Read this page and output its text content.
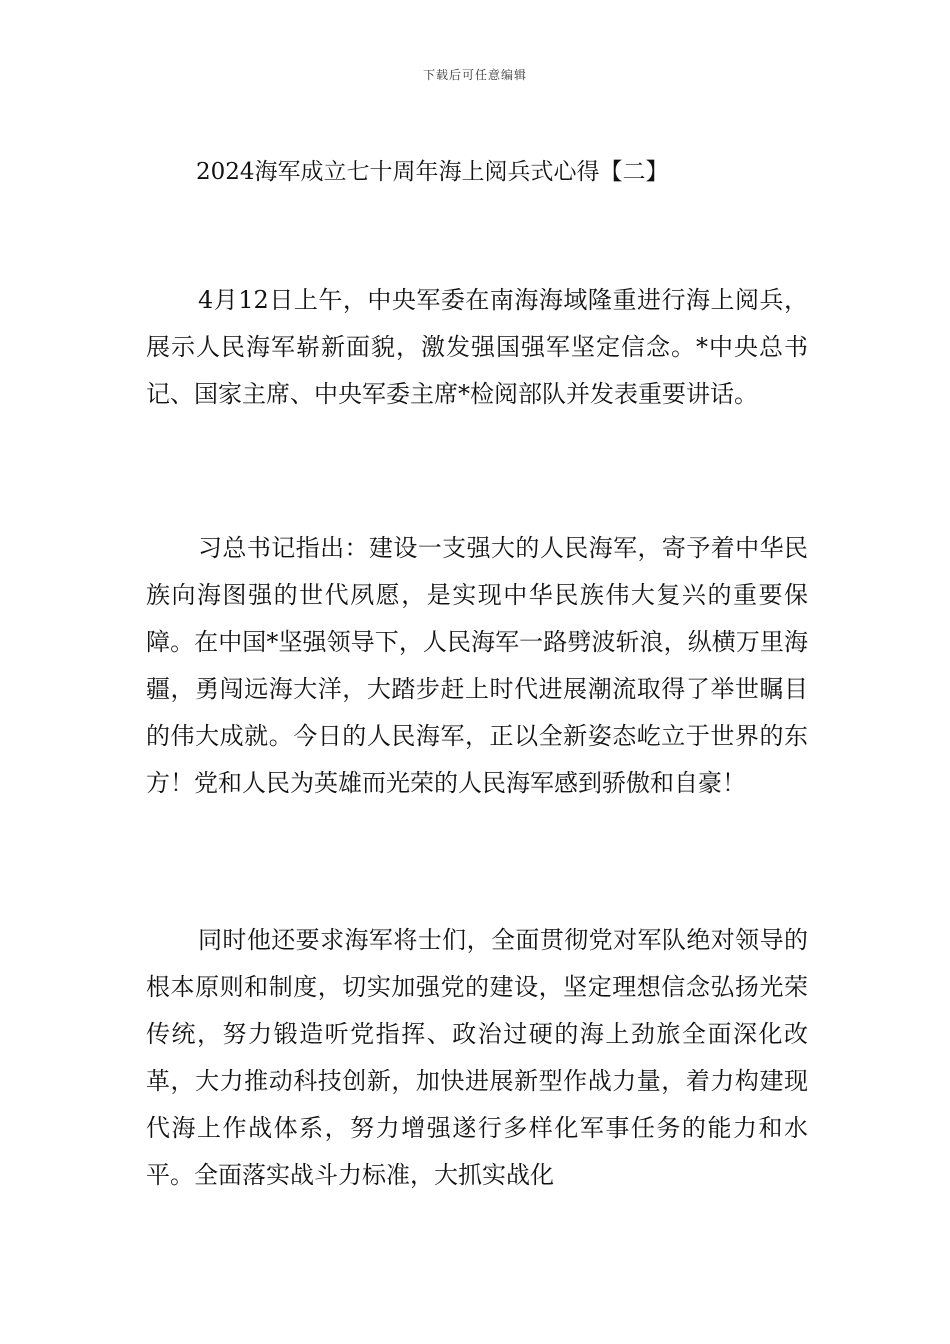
下载后可任意编辑
2024海军成立七十周年海上阅兵式心得【二】

4月12日上午，中央军委在南海海域隆重进行海上阅兵，展示人民海军崭新面貌，激发强国强军坚定信念。*中央总书记、国家主席、中央军委主席*检阅部队并发表重要讲话。

习总书记指出：建设一支强大的人民海军，寄予着中华民族向海图强的世代夙愿，是实现中华民族伟大复兴的重要保障。在中国*坚强领导下，人民海军一路劈波斩浪，纵横万里海疆，勇闯远海大洋，大踏步赶上时代进展潮流取得了举世瞩目的伟大成就。今日的人民海军，正以全新姿态屹立于世界的东方！党和人民为英雄而光荣的人民海军感到骄傲和自豪！

同时他还要求海军将士们，全面贯彻党对军队绝对领导的根本原则和制度，切实加强党的建设，坚定理想信念弘扬光荣传统，努力锻造听党指挥、政治过硬的海上劲旅全面深化改革，大力推动科技创新，加快进展新型作战力量，着力构建现代海上作战体系，努力增强遂行多样化军事任务的能力和水平。全面落实战斗力标准，大抓实战化
